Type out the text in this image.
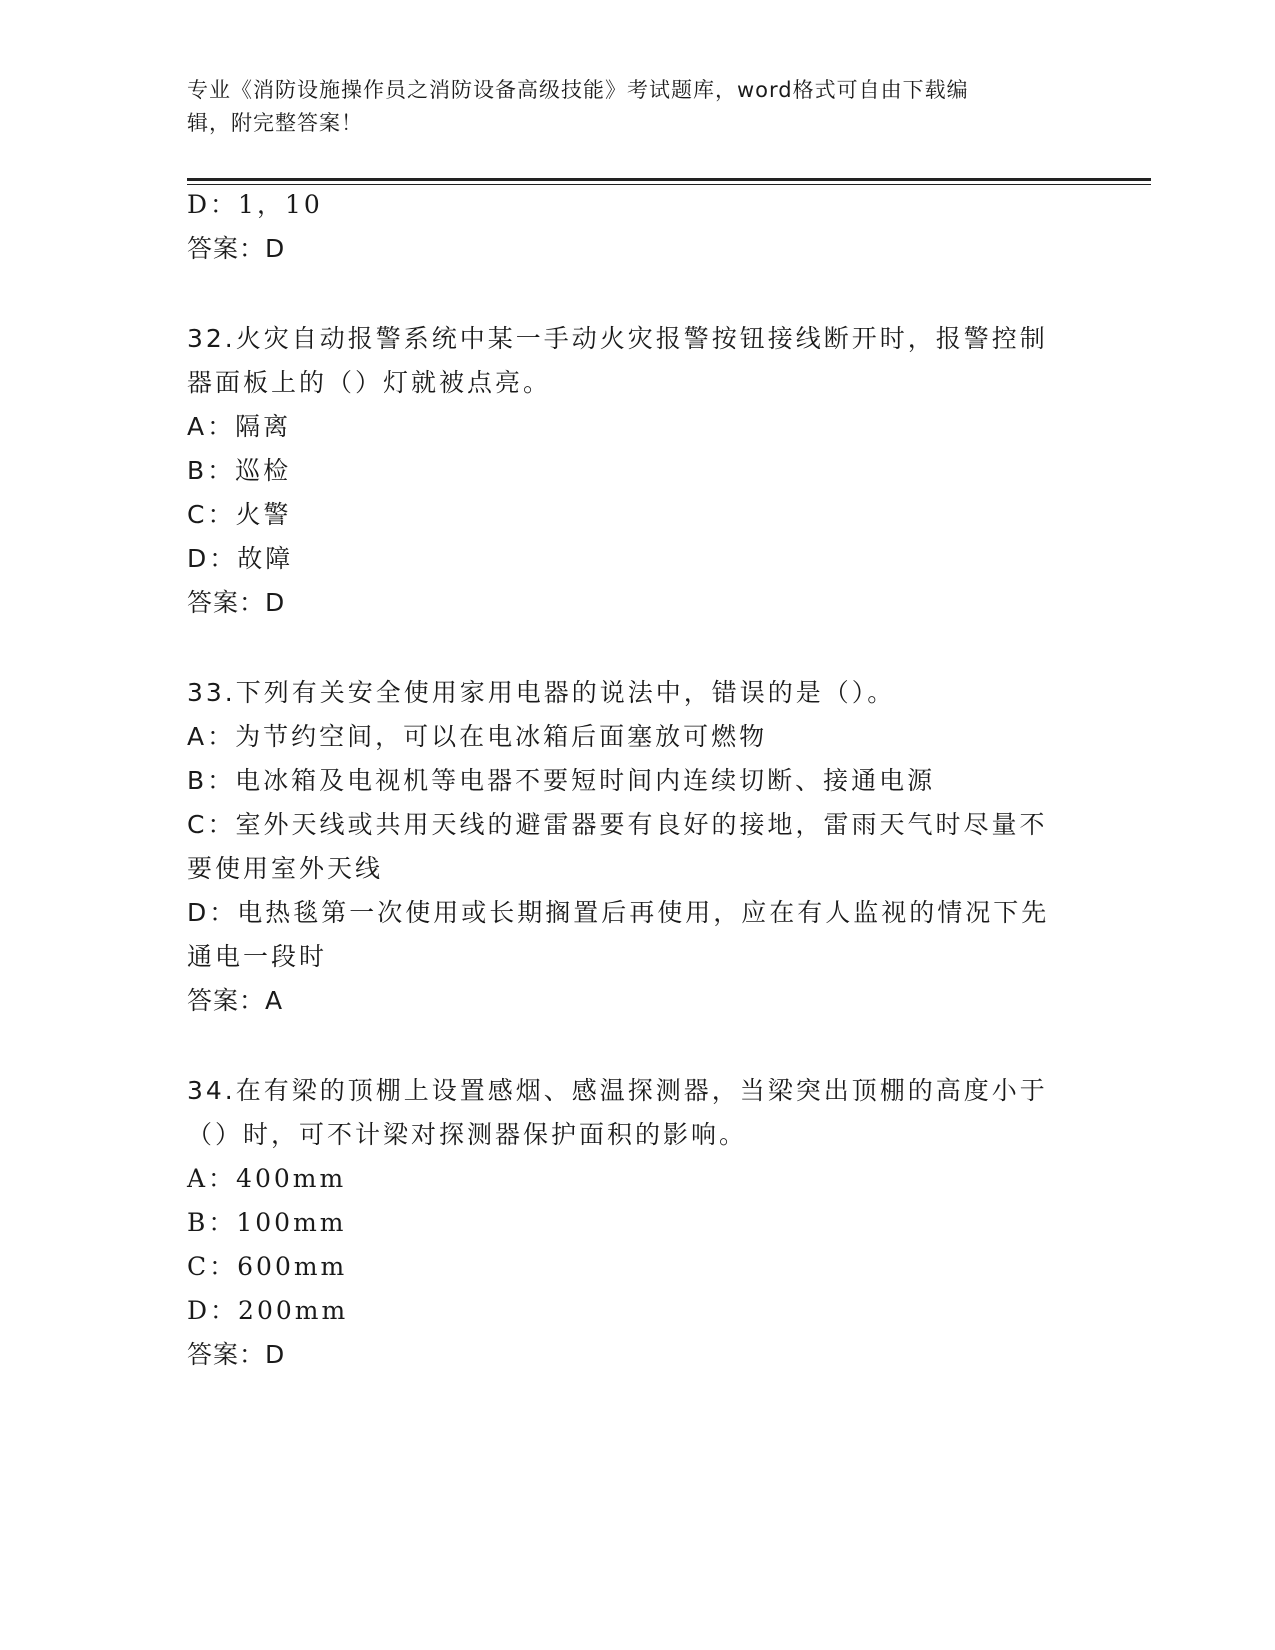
专业《消防设施操作员之消防设备高级技能》考试题库，word格式可自由下载编
辑，附完整答案！
D：1，10
答案：D
32.火灾自动报警系统中某一手动火灾报警按钮接线断开时，报警控制
器面板上的（）灯就被点亮。
A：隔离
B：巡检
C：火警
D：故障
答案：D
33.下列有关安全使用家用电器的说法中，错误的是（）。
A：为节约空间，可以在电冰箱后面塞放可燃物
B：电冰箱及电视机等电器不要短时间内连续切断、接通电源
C：室外天线或共用天线的避雷器要有良好的接地，雷雨天气时尽量不
要使用室外天线
D：电热毯第一次使用或长期搁置后再使用，应在有人监视的情况下先
通电一段时
答案：A
34.在有梁的顶棚上设置感烟、感温探测器，当梁突出顶棚的高度小于
（）时，可不计梁对探测器保护面积的影响。
A：400mm
B：100mm
C：600mm
D：200mm
答案：D
